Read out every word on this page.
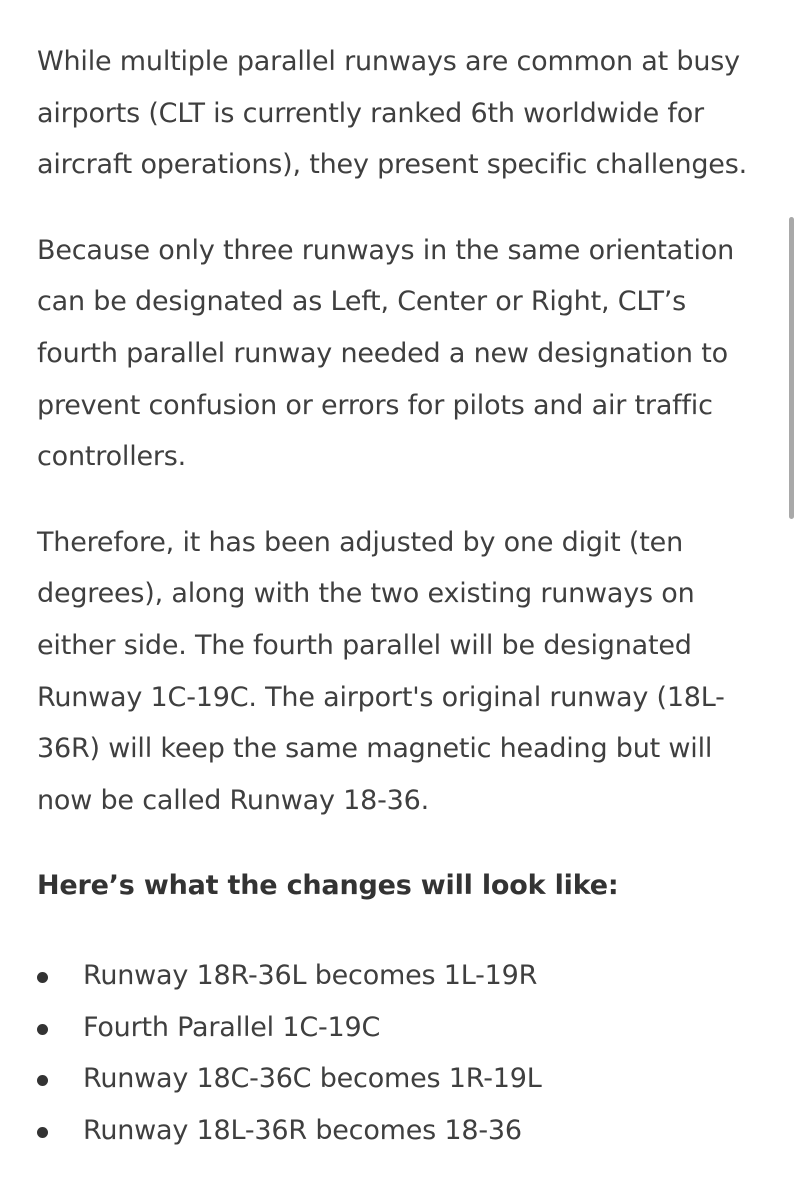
While multiple parallel runways are common at busy airports (CLT is currently ranked 6th worldwide for aircraft operations), they present specific challenges.

Because only three runways in the same orientation can be designated as Left, Center or Right, CLT’s fourth parallel runway needed a new designation to prevent confusion or errors for pilots and air traffic controllers.

Therefore, it has been adjusted by one digit (ten degrees), along with the two existing runways on either side. The fourth parallel will be designated Runway 1C-19C. The airport's original runway (18L-36R) will keep the same magnetic heading but will now be called Runway 18-36.

Here’s what the changes will look like:
Runway 18R-36L becomes 1L-19R
Fourth Parallel 1C-19C
Runway 18C-36C becomes 1R-19L
Runway 18L-36R becomes 18-36
